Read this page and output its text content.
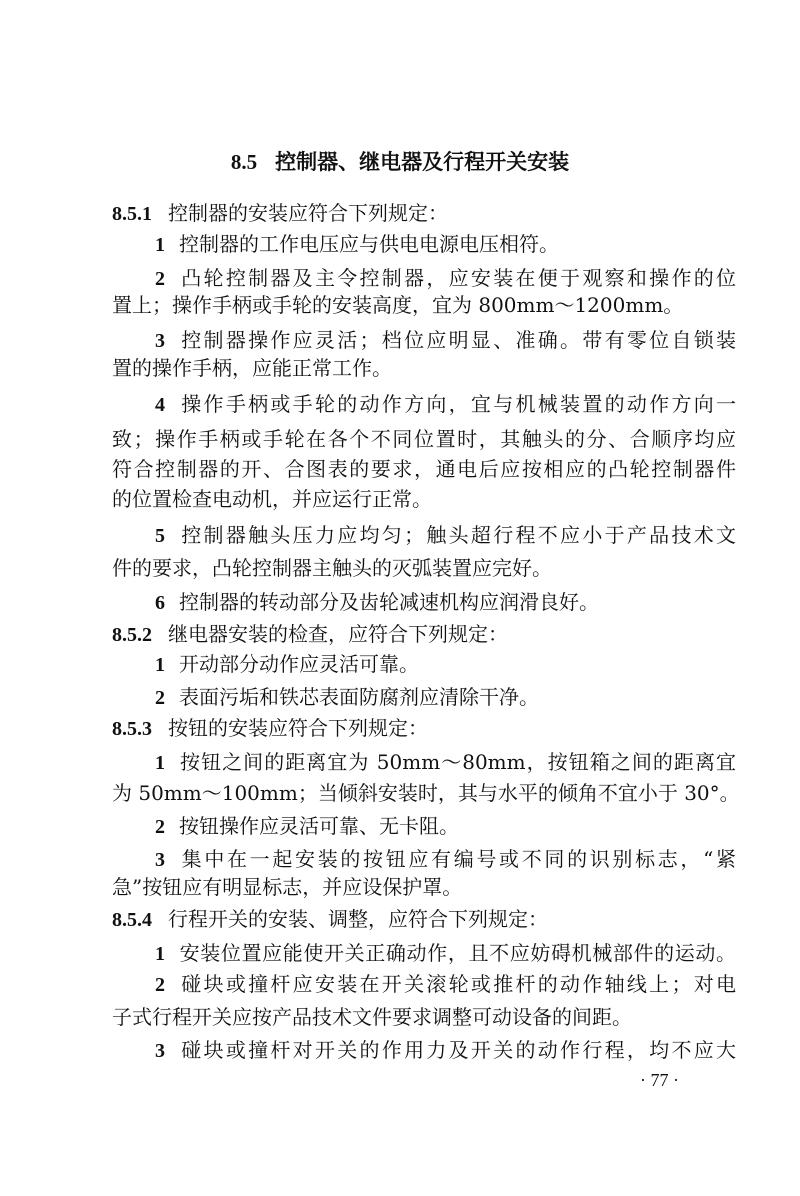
8.5 控制器、继电器及行程开关安装
8.5.1 控制器的安装应符合下列规定：
1 控制器的工作电压应与供电电源电压相符。
2 凸轮控制器及主令控制器，应安装在便于观察和操作的位
置上；操作手柄或手轮的安装高度，宜为 800mm～1200mm。
3 控制器操作应灵活；档位应明显、准确。带有零位自锁装
置的操作手柄，应能正常工作。
4 操作手柄或手轮的动作方向，宜与机械装置的动作方向一
致；操作手柄或手轮在各个不同位置时，其触头的分、合顺序均应
符合控制器的开、合图表的要求，通电后应按相应的凸轮控制器件
的位置检查电动机，并应运行正常。
5 控制器触头压力应均匀；触头超行程不应小于产品技术文
件的要求，凸轮控制器主触头的灭弧装置应完好。
6 控制器的转动部分及齿轮减速机构应润滑良好。
8.5.2 继电器安装的检查，应符合下列规定：
1 开动部分动作应灵活可靠。
2 表面污垢和铁芯表面防腐剂应清除干净。
8.5.3 按钮的安装应符合下列规定：
1 按钮之间的距离宜为 50mm～80mm，按钮箱之间的距离宜
为 50mm～100mm；当倾斜安装时，其与水平的倾角不宜小于 30°。
2 按钮操作应灵活可靠、无卡阻。
3 集中在一起安装的按钮应有编号或不同的识别标志，“紧
急”按钮应有明显标志，并应设保护罩。
8.5.4 行程开关的安装、调整，应符合下列规定：
1 安装位置应能使开关正确动作，且不应妨碍机械部件的运动。
2 碰块或撞杆应安装在开关滚轮或推杆的动作轴线上；对电
子式行程开关应按产品技术文件要求调整可动设备的间距。
3 碰块或撞杆对开关的作用力及开关的动作行程，均不应大
· 77 ·
